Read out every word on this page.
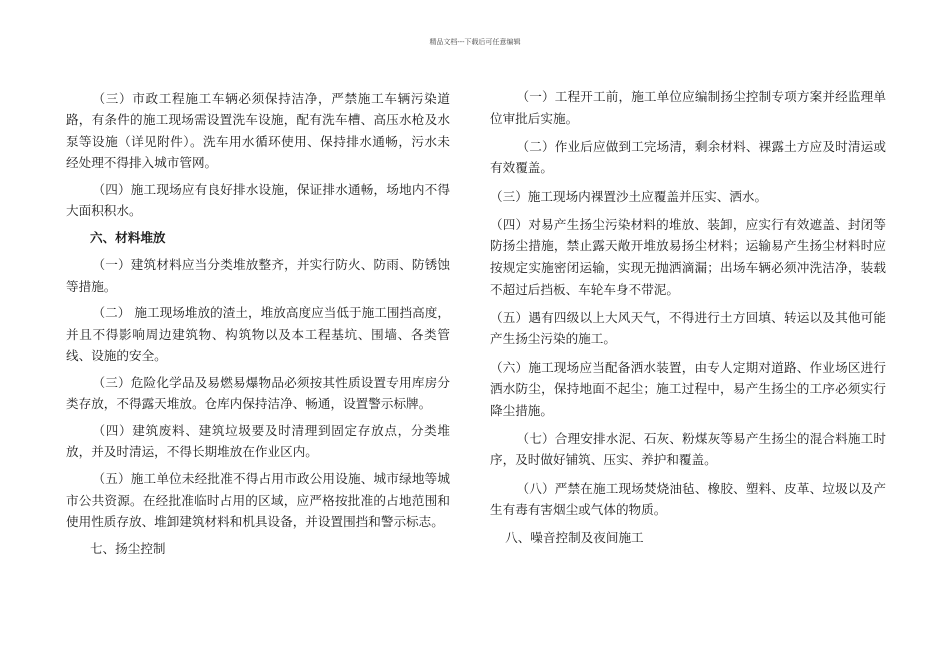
精品文档---下载后可任意编辑

（三）市政工程施工车辆必须保持洁净，严禁施工车辆污染道路，有条件的施工现场需设置洗车设施，配有洗车槽、高压水枪及水泵等设施（详见附件）。洗车用水循环使用、保持排水通畅，污水未经处理不得排入城市管网。

（四）施工现场应有良好排水设施，保证排水通畅，场地内不得大面积积水。

六、材料堆放

（一）建筑材料应当分类堆放整齐，并实行防火、防雨、防锈蚀等措施。

（二） 施工现场堆放的渣土，堆放高度应当低于施工围挡高度，并且不得影响周边建筑物、构筑物以及本工程基坑、围墙、各类管线、设施的安全。

（三）危险化学品及易燃易爆物品必须按其性质设置专用库房分类存放，不得露天堆放。仓库内保持洁净、畅通，设置警示标牌。

（四）建筑废料、建筑垃圾要及时清理到固定存放点，分类堆放，并及时清运，不得长期堆放在作业区内。

（五）施工单位未经批准不得占用市政公用设施、城市绿地等城市公共资源。在经批准临时占用的区域，应严格按批准的占地范围和使用性质存放、堆卸建筑材料和机具设备，并设置围挡和警示标志。

七、扬尘控制

（一）工程开工前，施工单位应编制扬尘控制专项方案并经监理单位审批后实施。

（二）作业后应做到工完场清，剩余材料、裸露土方应及时清运或有效覆盖。

（三）施工现场内裸置沙土应覆盖并压实、洒水。

（四）对易产生扬尘污染材料的堆放、装卸，应实行有效遮盖、封闭等防扬尘措施，禁止露天敞开堆放易扬尘材料；运输易产生扬尘材料时应按规定实施密闭运输，实现无抛洒滴漏；出场车辆必须冲洗洁净，装载不超过后挡板、车轮车身不带泥。

（五）遇有四级以上大风天气，不得进行土方回填、转运以及其他可能产生扬尘污染的施工。

（六）施工现场应当配备洒水装置，由专人定期对道路、作业场区进行洒水防尘，保持地面不起尘；施工过程中，易产生扬尘的工序必须实行降尘措施。

（七）合理安排水泥、石灰、粉煤灰等易产生扬尘的混合料施工时序，及时做好铺筑、压实、养护和覆盖。

（八）严禁在施工现场焚烧油毡、橡胶、塑料、皮革、垃圾以及产生有毒有害烟尘或气体的物质。

八、噪音控制及夜间施工
